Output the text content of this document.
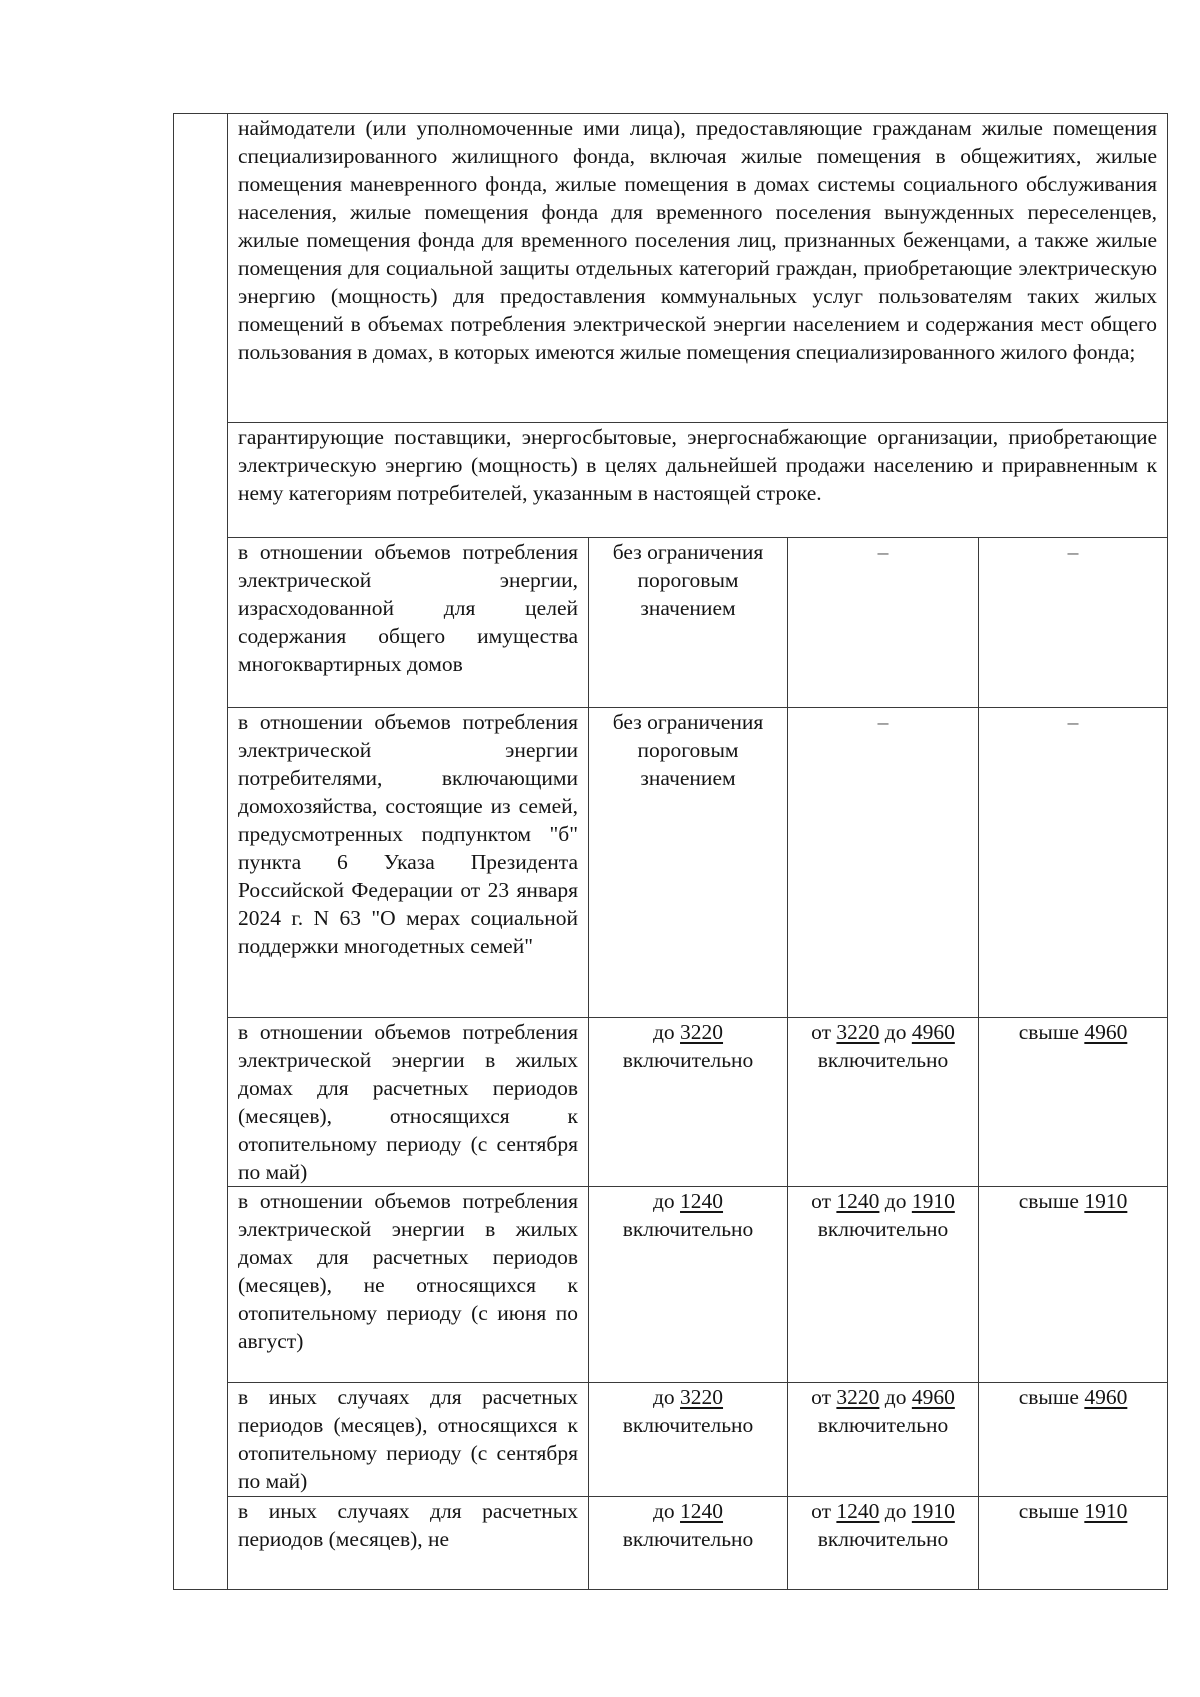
	наймодатели (или уполномоченные ими лица), предоставляющие гражданам жилые помещения специализированного жилищного фонда, включая жилые помещения в общежитиях, жилые помещения маневренного фонда, жилые помещения в домах системы социального обслуживания населения, жилые помещения фонда для временного поселения вынужденных переселенцев, жилые помещения фонда для временного поселения лиц, признанных беженцами, а также жилые помещения для социальной защиты отдельных категорий граждан, приобретающие электрическую энергию (мощность) для предоставления коммунальных услуг пользователям таких жилых помещений в объемах потребления электрической энергии населением и содержания мест общего пользования в домах, в которых имеются жилые помещения специализированного жилого фонда;			
	гарантирующие поставщики, энергосбытовые, энергоснабжающие организации, приобретающие электрическую энергию (мощность) в целях дальнейшей продажи населению и приравненным к нему категориям потребителей, указанным в настоящей строке.			
	в отношении объемов потребления электрической энергии, израсходованной для целей содержания общего имущества многоквартирных домов	без ограничения пороговым значением	–	–
	в отношении объемов потребления электрической энергии потребителями, включающими домохозяйства, состоящие из семей, предусмотренных подпунктом "б" пункта 6 Указа Президента Российской Федерации от 23 января 2024 г. N 63 "О мерах социальной поддержки многодетных семей"	без ограничения пороговым значением	–	–
	в отношении объемов потребления электрической энергии в жилых домах для расчетных периодов (месяцев), относящихся к отопительному периоду (с сентября по май)	до 3220 включительно	от 3220 до 4960 включительно	свыше 4960
	в отношении объемов потребления электрической энергии в жилых домах для расчетных периодов (месяцев), не относящихся к отопительному периоду (с июня по август)	до 1240 включительно	от 1240 до 1910 включительно	свыше 1910
	в иных случаях для расчетных периодов (месяцев), относящихся к отопительному периоду (с сентября по май)	до 3220 включительно	от 3220 до 4960 включительно	свыше 4960
	в иных случаях для расчетных периодов (месяцев), не	до 1240 включительно	от 1240 до 1910 включительно	свыше 1910
